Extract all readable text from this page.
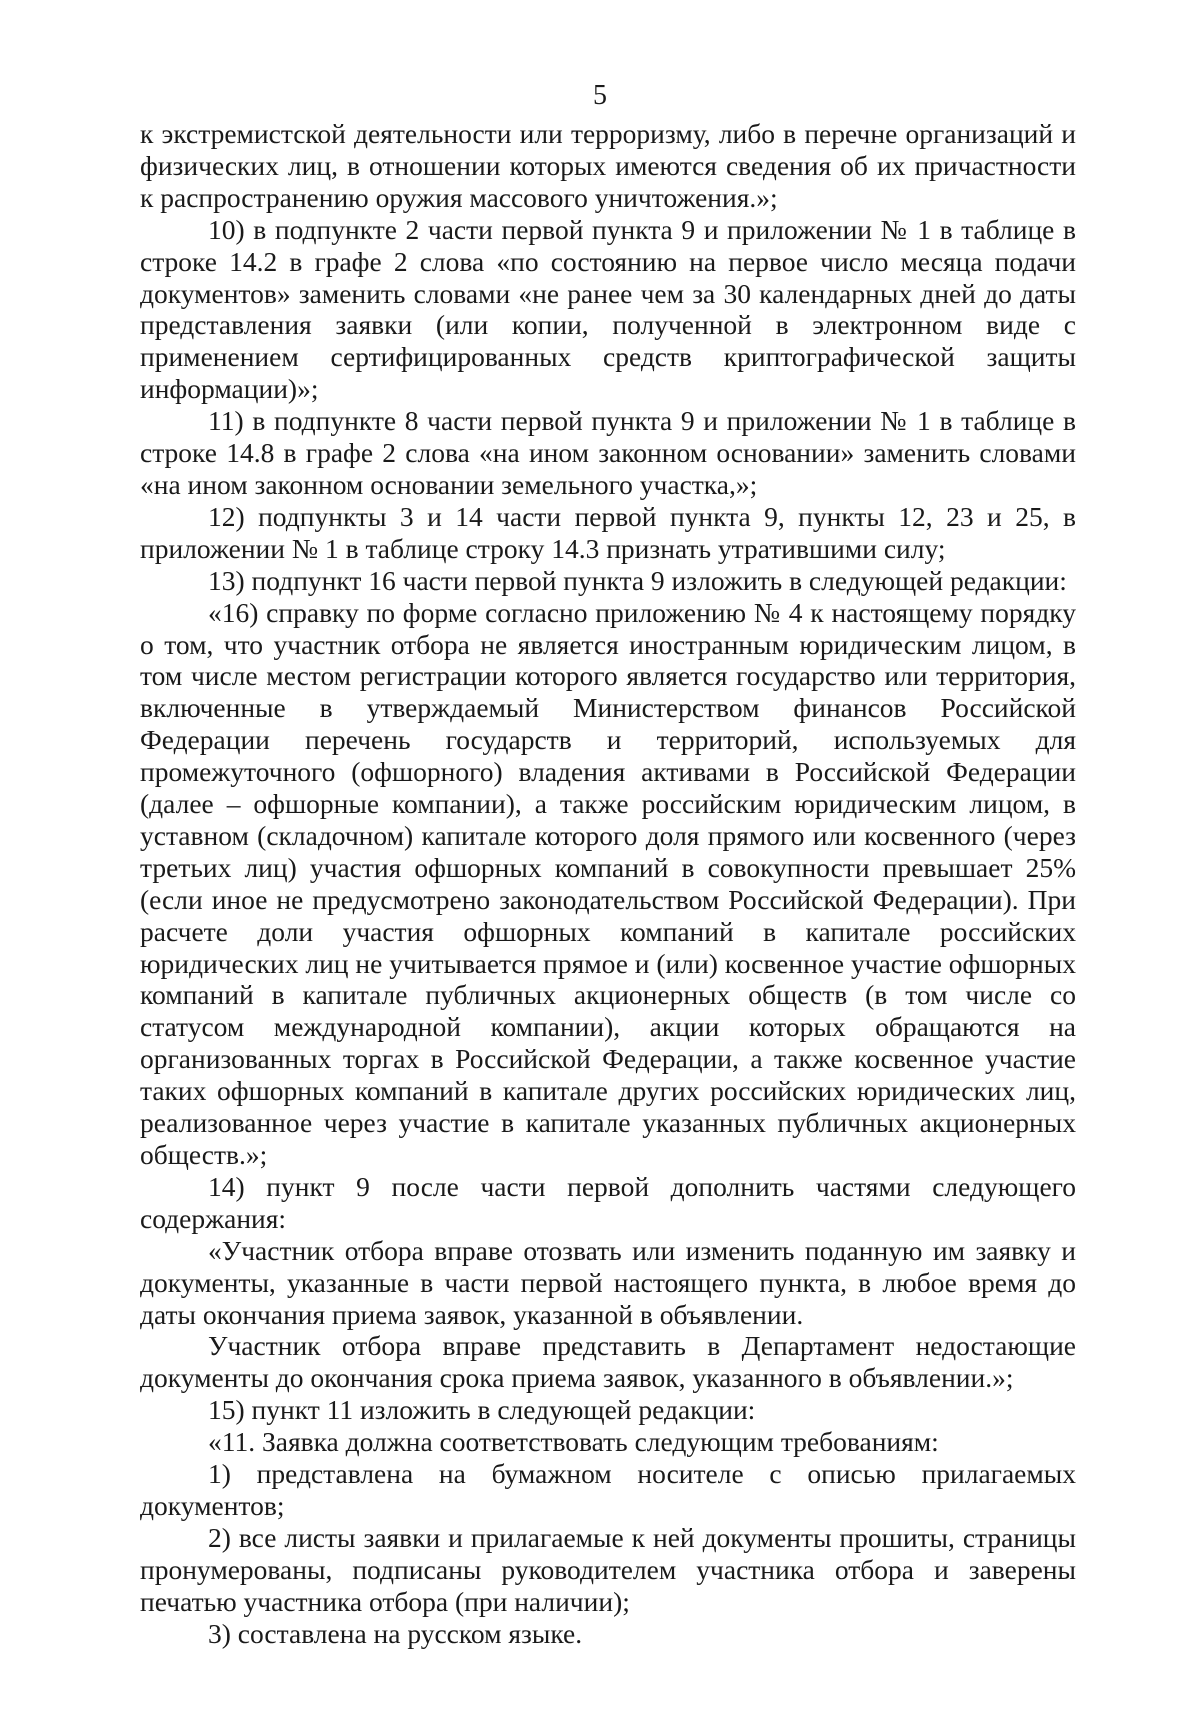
5

к экстремистской деятельности или терроризму, либо в перечне организаций и физических лиц, в отношении которых имеются сведения об их причастности к распространению оружия массового уничтожения.»;

10) в подпункте 2 части первой пункта 9 и приложении № 1 в таблице в строке 14.2 в графе 2 слова «по состоянию на первое число месяца подачи документов» заменить словами «не ранее чем за 30 календарных дней до даты представления заявки (или копии, полученной в электронном виде с применением сертифицированных средств криптографической защиты информации)»;

11) в подпункте 8 части первой пункта 9 и приложении № 1 в таблице в строке 14.8 в графе 2 слова «на ином законном основании» заменить словами «на ином законном основании земельного участка,»;

12) подпункты 3 и 14 части первой пункта 9, пункты 12, 23 и 25, в приложении № 1 в таблице строку 14.3 признать утратившими силу;

13) подпункт 16 части первой пункта 9 изложить в следующей редакции:

«16) справку по форме согласно приложению № 4 к настоящему порядку о том, что участник отбора не является иностранным юридическим лицом, в том числе местом регистрации которого является государство или территория, включенные в утверждаемый Министерством финансов Российской Федерации перечень государств и территорий, используемых для промежуточного (офшорного) владения активами в Российской Федерации (далее – офшорные компании), а также российским юридическим лицом, в уставном (складочном) капитале которого доля прямого или косвенного (через третьих лиц) участия офшорных компаний в совокупности превышает 25% (если иное не предусмотрено законодательством Российской Федерации). При расчете доли участия офшорных компаний в капитале российских юридических лиц не учитывается прямое и (или) косвенное участие офшорных компаний в капитале публичных акционерных обществ (в том числе со статусом международной компании), акции которых обращаются на организованных торгах в Российской Федерации, а также косвенное участие таких офшорных компаний в капитале других российских юридических лиц, реализованное через участие в капитале указанных публичных акционерных обществ.»;

14) пункт 9 после части первой дополнить частями следующего содержания:

«Участник отбора вправе отозвать или изменить поданную им заявку и документы, указанные в части первой настоящего пункта, в любое время до даты окончания приема заявок, указанной в объявлении.

Участник отбора вправе представить в Департамент недостающие документы до окончания срока приема заявок, указанного в объявлении.»;

15) пункт 11 изложить в следующей редакции:

«11. Заявка должна соответствовать следующим требованиям:

1) представлена на бумажном носителе с описью прилагаемых документов;

2) все листы заявки и прилагаемые к ней документы прошиты, страницы пронумерованы, подписаны руководителем участника отбора и заверены печатью участника отбора (при наличии);

3) составлена на русском языке.
